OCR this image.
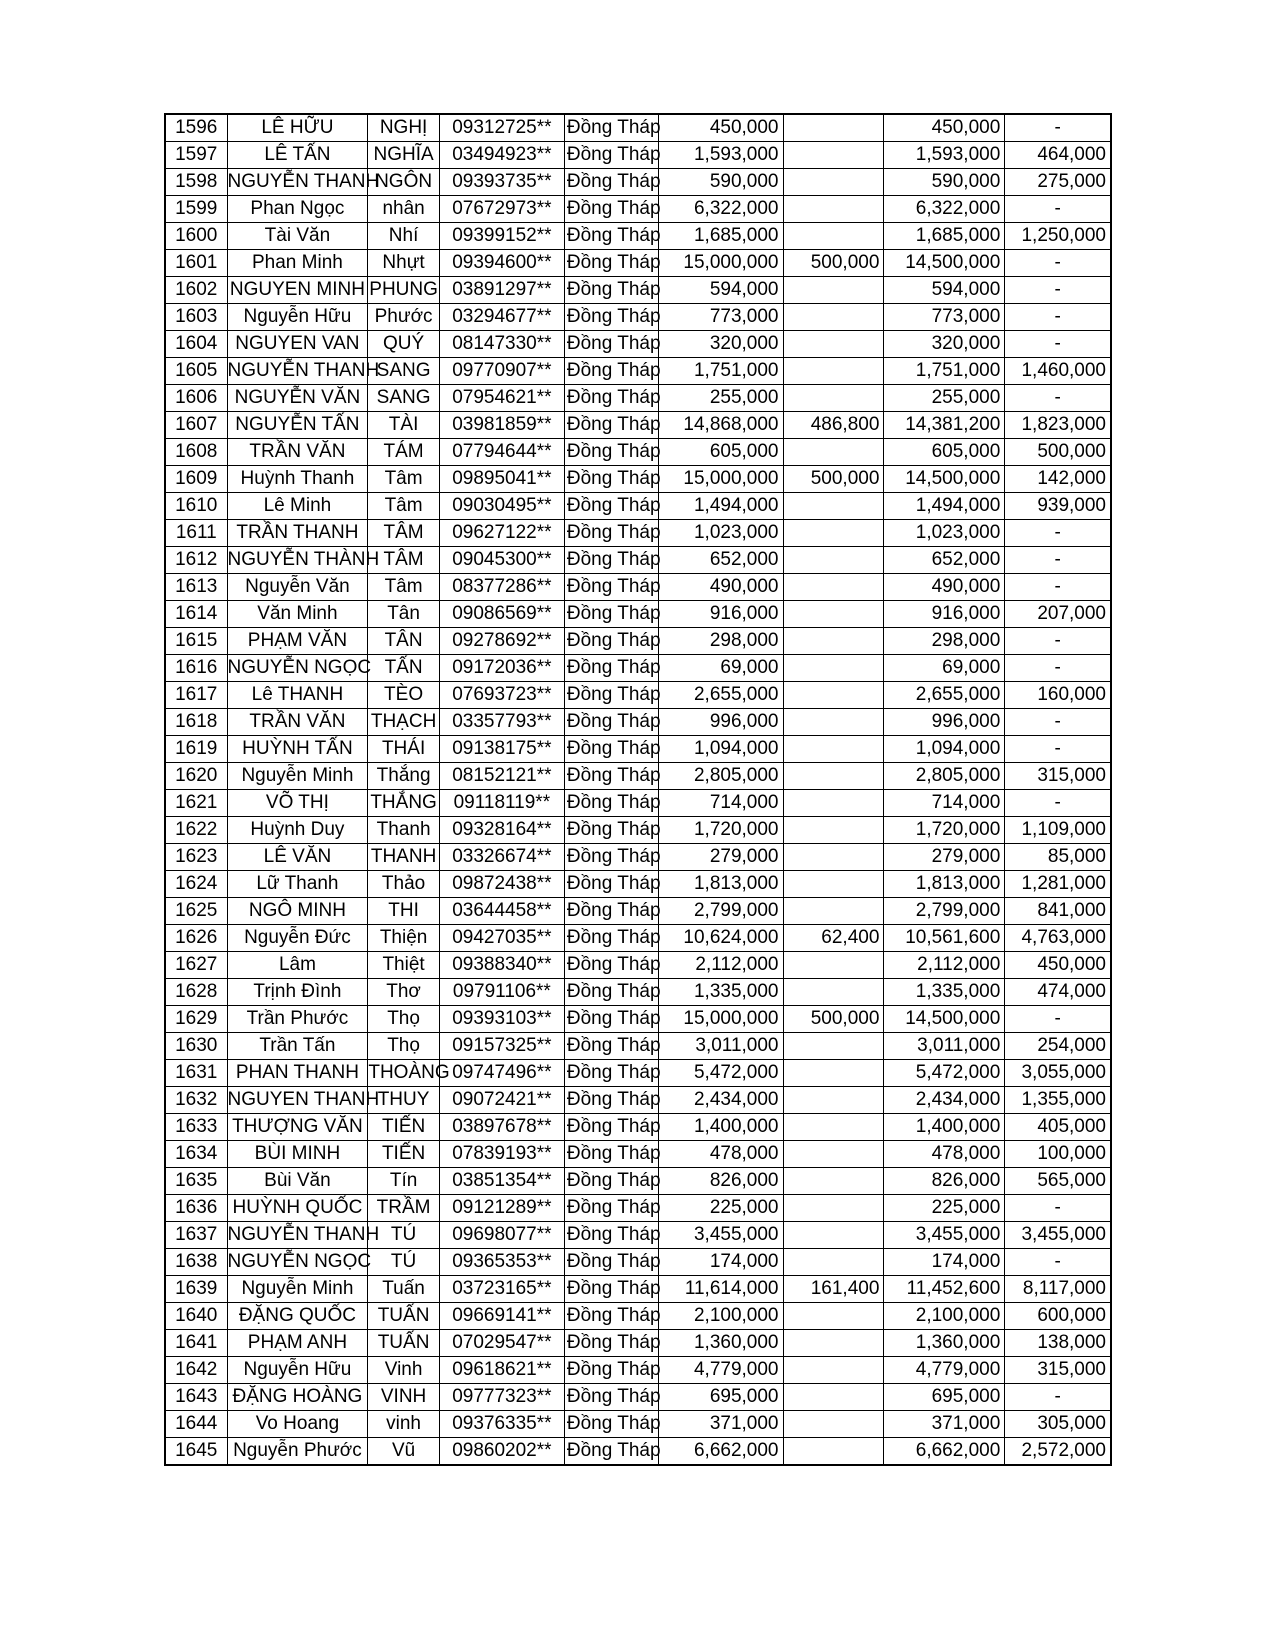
1596	LÊ HỮU	NGHỊ	09312725**	Đồng Tháp	450,000		450,000	-
1597	LÊ TẤN	NGHĨA	03494923**	Đồng Tháp	1,593,000		1,593,000	464,000
1598	NGUYỄN THANH	NGÔN	09393735**	Đồng Tháp	590,000		590,000	275,000
1599	Phan Ngọc	nhân	07672973**	Đồng Tháp	6,322,000		6,322,000	-
1600	Tài Văn	Nhí	09399152**	Đồng Tháp	1,685,000		1,685,000	1,250,000
1601	Phan Minh	Nhựt	09394600**	Đồng Tháp	15,000,000	500,000	14,500,000	-
1602	NGUYEN MINH	PHUNG	03891297**	Đồng Tháp	594,000		594,000	-
1603	Nguyễn Hữu	Phước	03294677**	Đồng Tháp	773,000		773,000	-
1604	NGUYEN VAN	QUÝ	08147330**	Đồng Tháp	320,000		320,000	-
1605	NGUYỄN THANH	SANG	09770907**	Đồng Tháp	1,751,000		1,751,000	1,460,000
1606	NGUYỄN VĂN	SANG	07954621**	Đồng Tháp	255,000		255,000	-
1607	NGUYỄN TẤN	TÀI	03981859**	Đồng Tháp	14,868,000	486,800	14,381,200	1,823,000
1608	TRẦN VĂN	TÁM	07794644**	Đồng Tháp	605,000		605,000	500,000
1609	Huỳnh Thanh	Tâm	09895041**	Đồng Tháp	15,000,000	500,000	14,500,000	142,000
1610	Lê Minh	Tâm	09030495**	Đồng Tháp	1,494,000		1,494,000	939,000
1611	TRẦN THANH	TÂM	09627122**	Đồng Tháp	1,023,000		1,023,000	-
1612	NGUYỄN THÀNH	TÂM	09045300**	Đồng Tháp	652,000		652,000	-
1613	Nguyễn Văn	Tâm	08377286**	Đồng Tháp	490,000		490,000	-
1614	Văn Minh	Tân	09086569**	Đồng Tháp	916,000		916,000	207,000
1615	PHẠM VĂN	TÂN	09278692**	Đồng Tháp	298,000		298,000	-
1616	NGUYỄN NGỌC	TẤN	09172036**	Đồng Tháp	69,000		69,000	-
1617	Lê THANH	TÈO	07693723**	Đồng Tháp	2,655,000		2,655,000	160,000
1618	TRẦN VĂN	THẠCH	03357793**	Đồng Tháp	996,000		996,000	-
1619	HUỲNH TẤN	THÁI	09138175**	Đồng Tháp	1,094,000		1,094,000	-
1620	Nguyễn Minh	Thắng	08152121**	Đồng Tháp	2,805,000		2,805,000	315,000
1621	VÕ THỊ	THẮNG	09118119**	Đồng Tháp	714,000		714,000	-
1622	Huỳnh Duy	Thanh	09328164**	Đồng Tháp	1,720,000		1,720,000	1,109,000
1623	LÊ VĂN	THANH	03326674**	Đồng Tháp	279,000		279,000	85,000
1624	Lữ Thanh	Thảo	09872438**	Đồng Tháp	1,813,000		1,813,000	1,281,000
1625	NGÔ MINH	THI	03644458**	Đồng Tháp	2,799,000		2,799,000	841,000
1626	Nguyễn Đức	Thiện	09427035**	Đồng Tháp	10,624,000	62,400	10,561,600	4,763,000
1627	Lâm	Thiệt	09388340**	Đồng Tháp	2,112,000		2,112,000	450,000
1628	Trịnh Đình	Thơ	09791106**	Đồng Tháp	1,335,000		1,335,000	474,000
1629	Trần Phước	Thọ	09393103**	Đồng Tháp	15,000,000	500,000	14,500,000	-
1630	Trần Tấn	Thọ	09157325**	Đồng Tháp	3,011,000		3,011,000	254,000
1631	PHAN THANH	THOÀNG	09747496**	Đồng Tháp	5,472,000		5,472,000	3,055,000
1632	NGUYEN THANH	THUY	09072421**	Đồng Tháp	2,434,000		2,434,000	1,355,000
1633	THƯỢNG VĂN	TIẾN	03897678**	Đồng Tháp	1,400,000		1,400,000	405,000
1634	BÙI MINH	TIẾN	07839193**	Đồng Tháp	478,000		478,000	100,000
1635	Bùi Văn	Tín	03851354**	Đồng Tháp	826,000		826,000	565,000
1636	HUỲNH QUỐC	TRẦM	09121289**	Đồng Tháp	225,000		225,000	-
1637	NGUYỄN THANH	TÚ	09698077**	Đồng Tháp	3,455,000		3,455,000	3,455,000
1638	NGUYỄN NGỌC	TÚ	09365353**	Đồng Tháp	174,000		174,000	-
1639	Nguyễn Minh	Tuấn	03723165**	Đồng Tháp	11,614,000	161,400	11,452,600	8,117,000
1640	ĐẶNG QUỐC	TUẤN	09669141**	Đồng Tháp	2,100,000		2,100,000	600,000
1641	PHẠM ANH	TUẤN	07029547**	Đồng Tháp	1,360,000		1,360,000	138,000
1642	Nguyễn Hữu	Vinh	09618621**	Đồng Tháp	4,779,000		4,779,000	315,000
1643	ĐẶNG HOÀNG	VINH	09777323**	Đồng Tháp	695,000		695,000	-
1644	Vo Hoang	vinh	09376335**	Đồng Tháp	371,000		371,000	305,000
1645	Nguyễn Phước	Vũ	09860202**	Đồng Tháp	6,662,000		6,662,000	2,572,000
